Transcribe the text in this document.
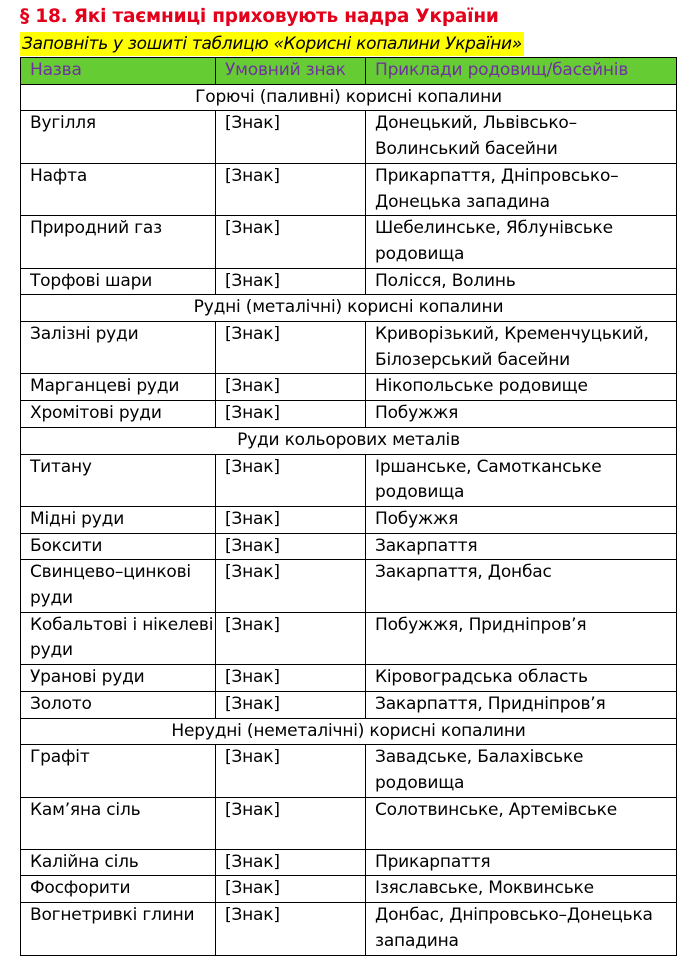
§ 18. Які таємниці приховують надра України
Заповніть у зошиті таблицю «Корисні копалини України»
Назва	Умовний знак	Приклади родовищ/басейнів
Горючі (паливні) корисні копалини		
Вугілля	[Знак]	Донецький, Львівсько–Волинський басейни
Нафта	[Знак]	Прикарпаття, Дніпровсько–Донецька западина
Природний газ	[Знак]	Шебелинське, Яблунівське родовища
Торфові шари	[Знак]	Полісся, Волинь
Рудні (металічні) корисні копалини		
Залізні руди	[Знак]	Криворізький, Кременчуцький, Білозерський басейни
Марганцеві руди	[Знак]	Нікопольське родовище
Хромітові руди	[Знак]	Побужжя
Руди кольорових металів		
Титану	[Знак]	Іршанське, Самотканське родовища
Мідні руди	[Знак]	Побужжя
Боксити	[Знак]	Закарпаття
Свинцево–цинкові руди	[Знак]	Закарпаття, Донбас
Кобальтові і нікелеві руди	[Знак]	Побужжя, Придніпров’я
Уранові руди	[Знак]	Кіровоградська область
Золото	[Знак]	Закарпаття, Придніпров’я
Нерудні (неметалічні) корисні копалини		
Графіт	[Знак]	Завадське, Балахівське родовища
Кам’яна сіль	[Знак]	Солотвинське, Артемівське
Калійна сіль	[Знак]	Прикарпаття
Фосфорити	[Знак]	Ізяславське, Моквинське
Вогнетривкі глини	[Знак]	Донбас, Дніпровсько–Донецька западина
